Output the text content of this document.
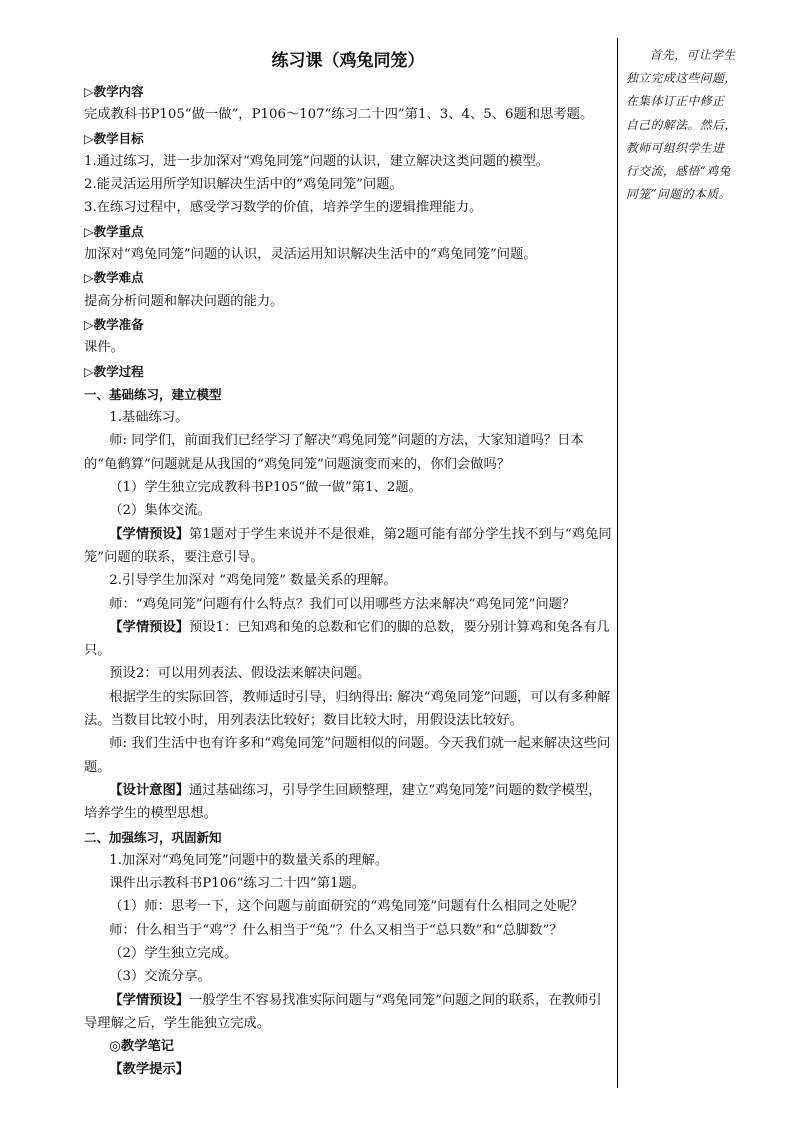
练习课（鸡兔同笼）

▷教学内容

完成教科书P105“做一做”，P106～107“练习二十四”第1、3、4、5、6题和思考题。

▷教学目标

1.通过练习，进一步加深对“鸡兔同笼”问题的认识，建立解决这类问题的模型。

2.能灵活运用所学知识解决生活中的“鸡兔同笼”问题。

3.在练习过程中，感受学习数学的价值，培养学生的逻辑推理能力。

▷教学重点

加深对“鸡兔同笼”问题的认识，灵活运用知识解决生活中的“鸡兔同笼”问题。

▷教学难点

提高分析问题和解决问题的能力。

▷教学准备

课件。

▷教学过程

一、基础练习，建立模型

1.基础练习。

师: 同学们，前面我们已经学习了解决“鸡兔同笼”问题的方法，大家知道吗？日本的“龟鹤算”问题就是从我国的“鸡兔同笼”问题演变而来的，你们会做吗？

（1）学生独立完成教科书P105“做一做”第1、2题。

（2）集体交流。

【学情预设】第1题对于学生来说并不是很难，第2题可能有部分学生找不到与“鸡兔同笼”问题的联系，要注意引导。

2.引导学生加深对 “鸡兔同笼” 数量关系的理解。

师：“鸡兔同笼”问题有什么特点？我们可以用哪些方法来解决“鸡兔同笼”问题？

【学情预设】预设1：已知鸡和兔的总数和它们的脚的总数，要分别计算鸡和兔各有几只。

预设2：可以用列表法、假设法来解决问题。

根据学生的实际回答，教师适时引导，归纳得出: 解决“鸡兔同笼”问题，可以有多种解法。当数目比较小时，用列表法比较好；数目比较大时，用假设法比较好。

师: 我们生活中也有许多和“鸡兔同笼”问题相似的问题。今天我们就一起来解决这些问题。

【设计意图】通过基础练习，引导学生回顾整理，建立“鸡兔同笼”问题的数学模型，培养学生的模型思想。

二、加强练习，巩固新知

1.加深对“鸡兔同笼”问题中的数量关系的理解。

课件出示教科书P106“练习二十四”第1题。

（1）师：思考一下，这个问题与前面研究的“鸡兔同笼”问题有什么相同之处呢？

师：什么相当于“鸡”？什么相当于“兔”？什么又相当于“总只数”和“总脚数”？

（2）学生独立完成。

（3）交流分享。

【学情预设】一般学生不容易找准实际问题与“鸡兔同笼”问题之间的联系，在教师引导理解之后，学生能独立完成。

◎教学笔记

【教学提示】

首先，可让学生
独立完成这些问题，
在集体订正中修正
自己的解法。然后，
教师可组织学生进
行交流，感悟“鸡兔
同笼”问题的本质。
